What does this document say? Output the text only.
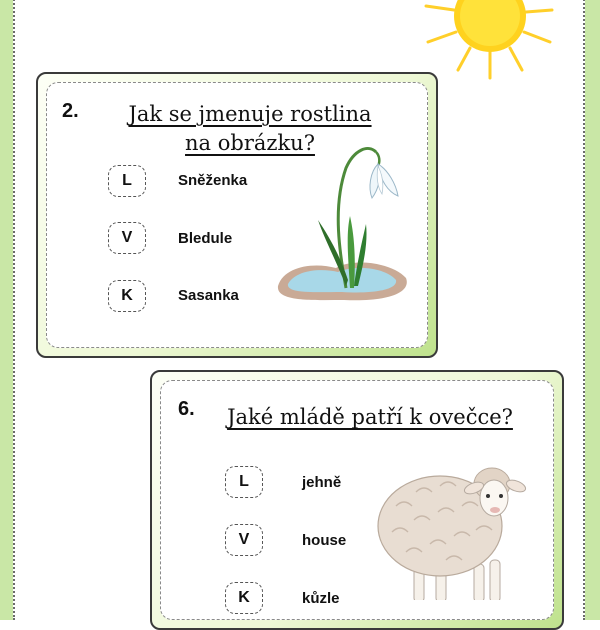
2.	Jak se jmenuje rostlina
na obrázku?
L	Sněženka
V	Bledule
K	Sasanka
6.	Jaké mládě patří k ovečce?
L	jehně
V	house
K	kůzle
